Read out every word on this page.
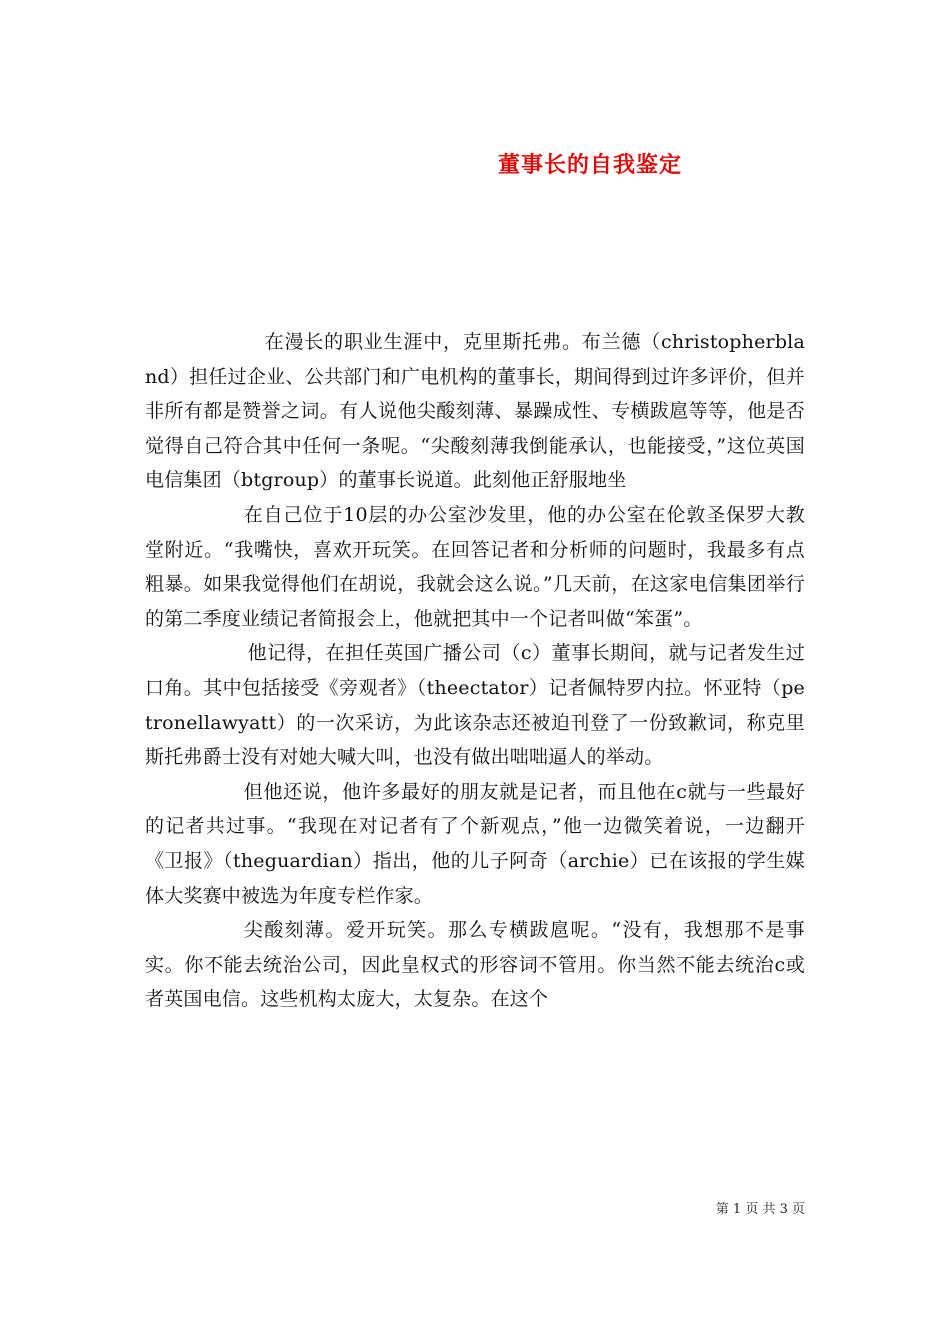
董事长的自我鉴定

在漫长的职业生涯中，克里斯托弗。布兰德（christopherbland）担任过企业、公共部门和广电机构的董事长，期间得到过许多评价，但并非所有都是赞誉之词。有人说他尖酸刻薄、暴躁成性、专横跋扈等等，他是否觉得自己符合其中任何一条呢。“尖酸刻薄我倒能承认，也能接受，”这位英国电信集团（btgroup）的董事长说道。此刻他正舒服地坐

在自己位于10层的办公室沙发里，他的办公室在伦敦圣保罗大教堂附近。“我嘴快，喜欢开玩笑。在回答记者和分析师的问题时，我最多有点粗暴。如果我觉得他们在胡说，我就会这么说。”几天前，在这家电信集团举行的第二季度业绩记者简报会上，他就把其中一个记者叫做“笨蛋”。

他记得，在担任英国广播公司（c）董事长期间，就与记者发生过口角。其中包括接受《旁观者》（theectator）记者佩特罗内拉。怀亚特（petronellawyatt）的一次采访，为此该杂志还被迫刊登了一份致歉词，称克里斯托弗爵士没有对她大喊大叫，也没有做出咄咄逼人的举动。

但他还说，他许多最好的朋友就是记者，而且他在c就与一些最好的记者共过事。“我现在对记者有了个新观点，”他一边微笑着说，一边翻开《卫报》（theguardian）指出，他的儿子阿奇（archie）已在该报的学生媒体大奖赛中被选为年度专栏作家。

尖酸刻薄。爱开玩笑。那么专横跋扈呢。“没有，我想那不是事实。你不能去统治公司，因此皇权式的形容词不管用。你当然不能去统治c或者英国电信。这些机构太庞大，太复杂。在这个

第 1 页 共 3 页
